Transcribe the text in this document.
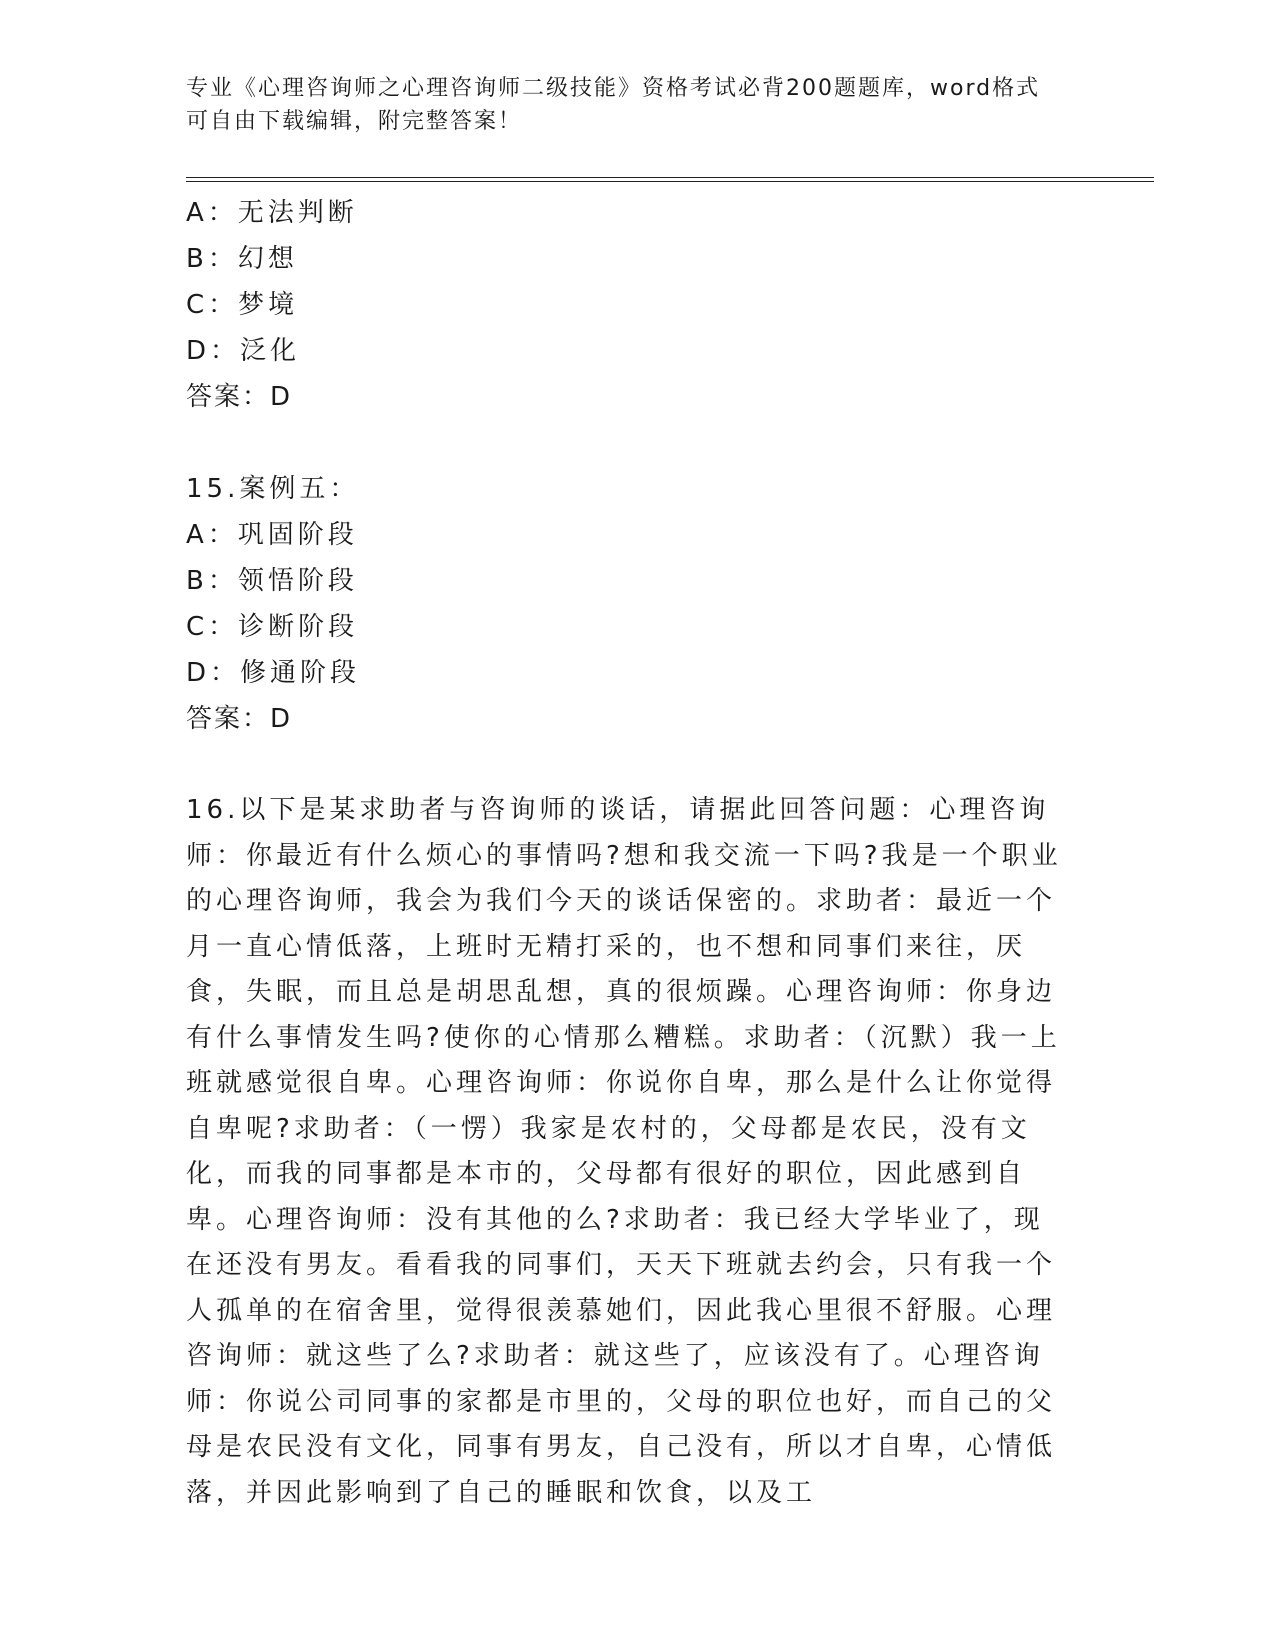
专业《心理咨询师之心理咨询师二级技能》资格考试必背200题题库，word格式
可自由下载编辑，附完整答案！
A：无法判断
B：幻想
C：梦境
D：泛化
答案：D
15.案例五：
A：巩固阶段
B：领悟阶段
C：诊断阶段
D：修通阶段
答案：D
16.以下是某求助者与咨询师的谈话，请据此回答问题：心理咨询师：你最近有什么烦心的事情吗?想和我交流一下吗?我是一个职业的心理咨询师，我会为我们今天的谈话保密的。求助者：最近一个月一直心情低落，上班时无精打采的，也不想和同事们来往，厌食，失眠，而且总是胡思乱想，真的很烦躁。心理咨询师：你身边有什么事情发生吗?使你的心情那么糟糕。求助者：（沉默）我一上班就感觉很自卑。心理咨询师：你说你自卑，那么是什么让你觉得自卑呢?求助者：（一愣）我家是农村的，父母都是农民，没有文化，而我的同事都是本市的，父母都有很好的职位，因此感到自卑。心理咨询师：没有其他的么?求助者：我已经大学毕业了，现在还没有男友。看看我的同事们，天天下班就去约会，只有我一个人孤单的在宿舍里，觉得很羡慕她们，因此我心里很不舒服。心理咨询师：就这些了么?求助者：就这些了，应该没有了。心理咨询师：你说公司同事的家都是市里的，父母的职位也好，而自己的父母是农民没有文化，同事有男友，自己没有，所以才自卑，心情低落，并因此影响到了自己的睡眠和饮食，以及工
